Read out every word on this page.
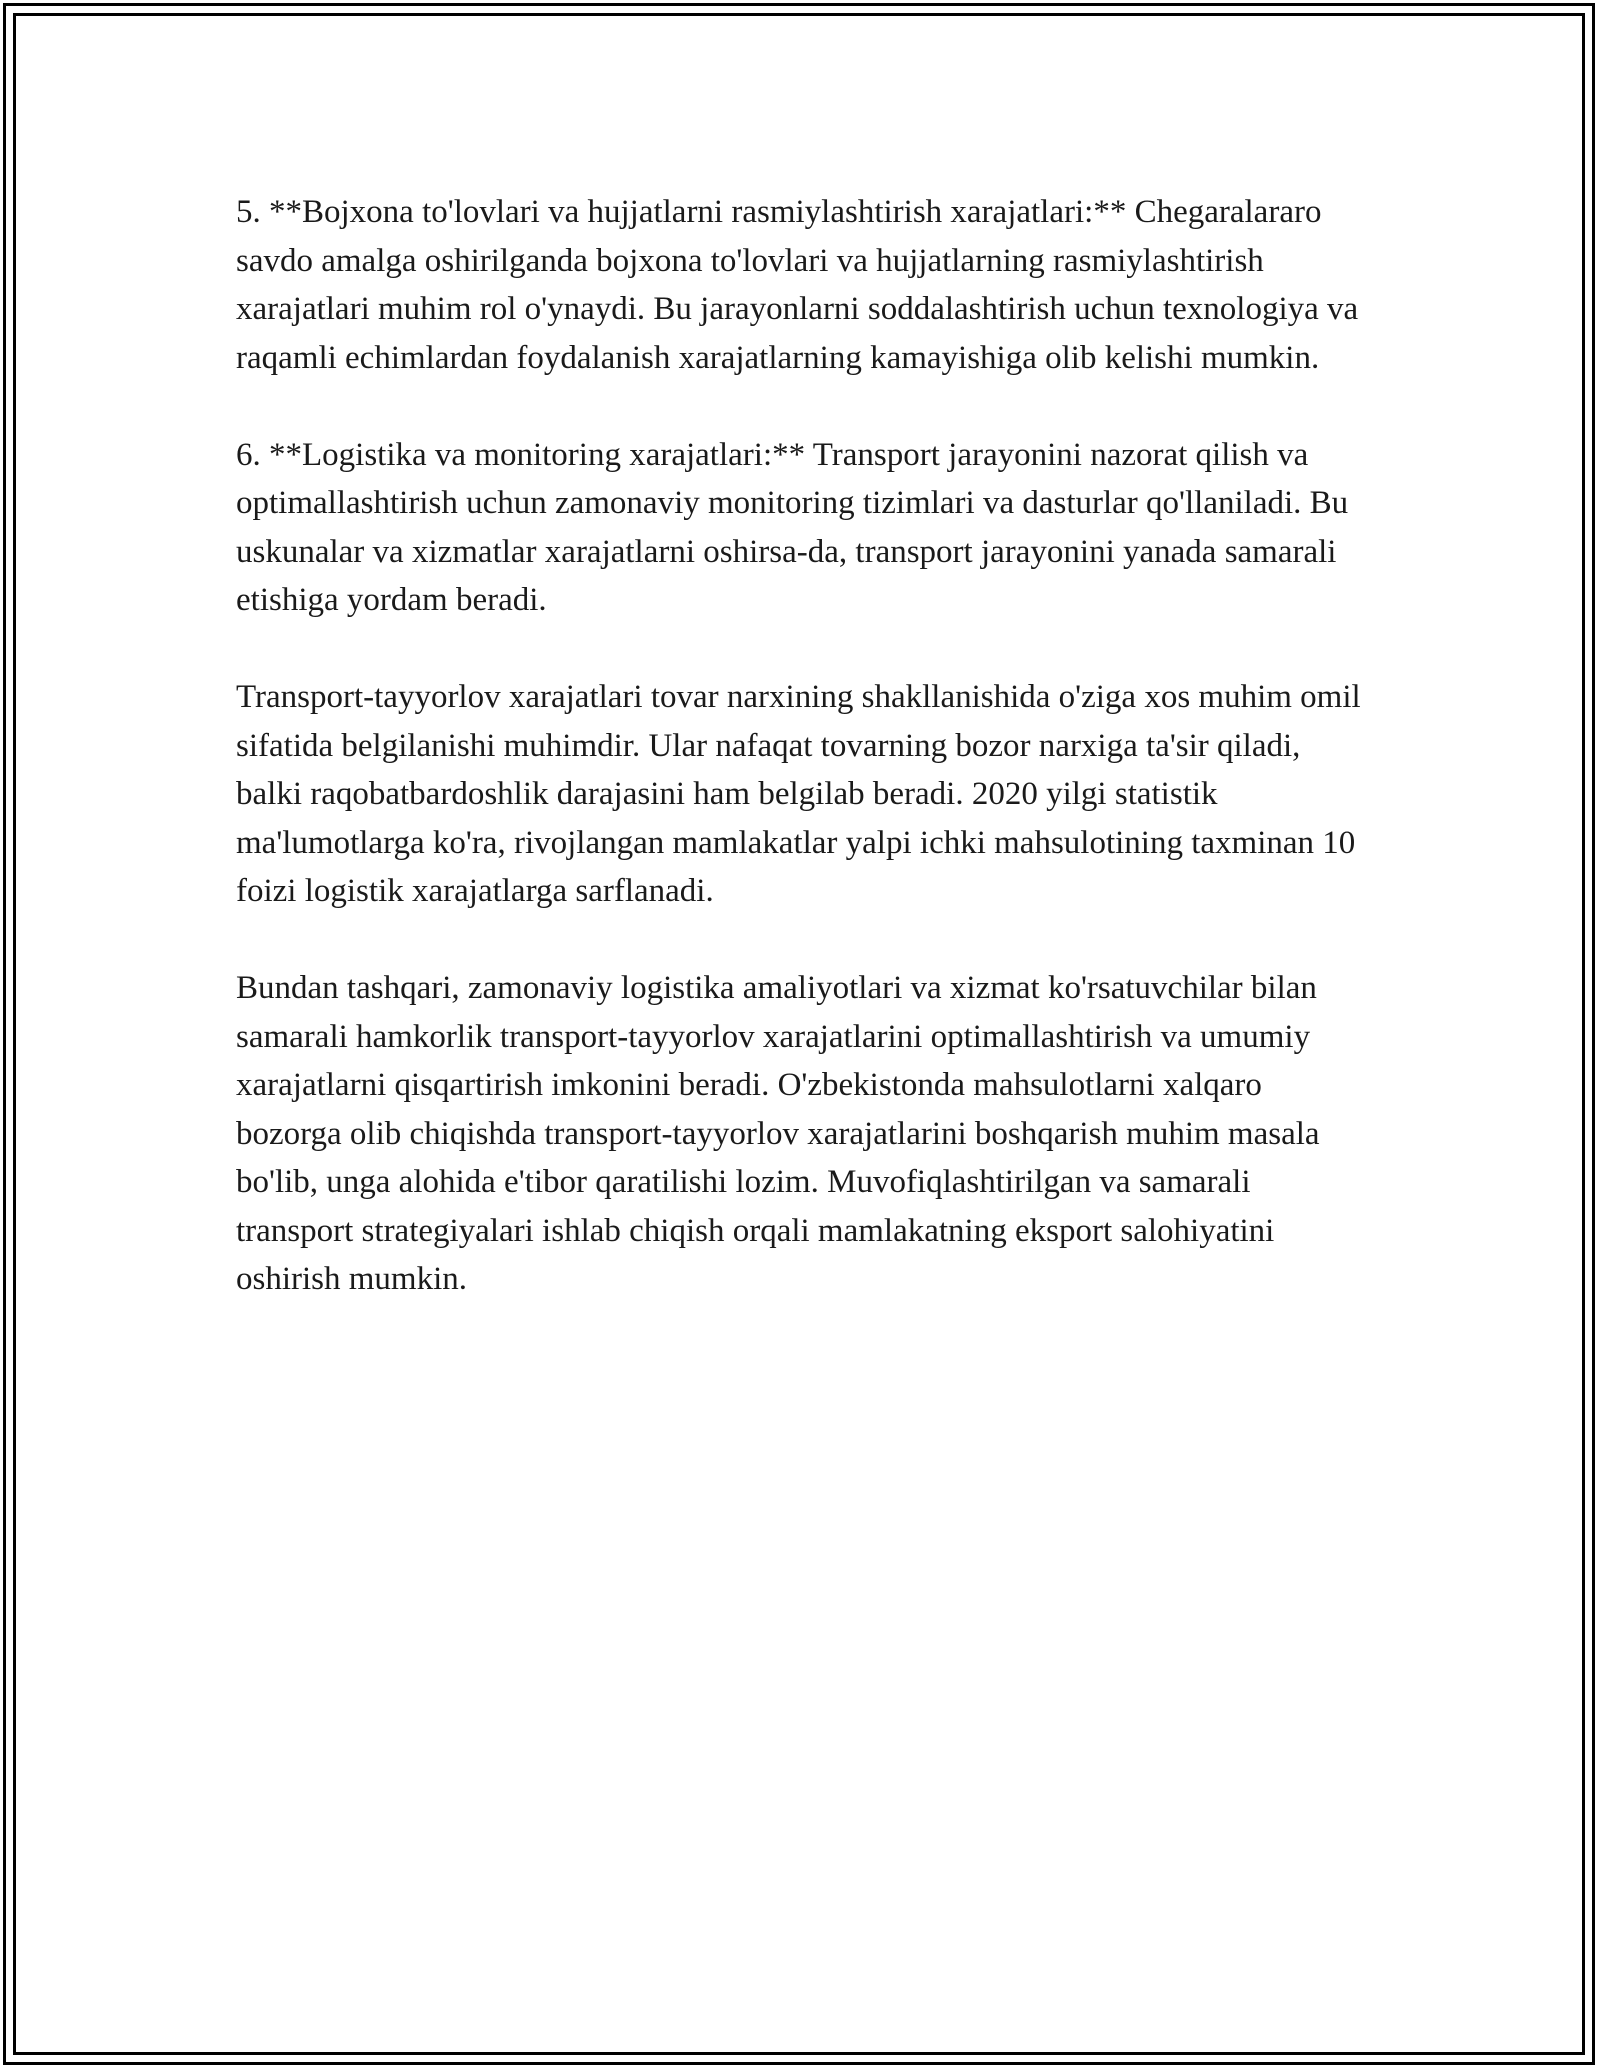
5. **Bojxona to'lovlari va hujjatlarni rasmiylashtirish xarajatlari:** Chegaralararo savdo amalga oshirilganda bojxona to'lovlari va hujjatlarning rasmiylashtirish xarajatlari muhim rol o'ynaydi. Bu jarayonlarni soddalashtirish uchun texnologiya va raqamli echimlardan foydalanish xarajatlarning kamayishiga olib kelishi mumkin.

6. **Logistika va monitoring xarajatlari:** Transport jarayonini nazorat qilish va optimallashtirish uchun zamonaviy monitoring tizimlari va dasturlar qo'llaniladi. Bu uskunalar va xizmatlar xarajatlarni oshirsa-da, transport jarayonini yanada samarali etishiga yordam beradi.

Transport-tayyorlov xarajatlari tovar narxining shakllanishida o'ziga xos muhim omil sifatida belgilanishi muhimdir. Ular nafaqat tovarning bozor narxiga ta'sir qiladi, balki raqobatbardoshlik darajasini ham belgilab beradi. 2020 yilgi statistik ma'lumotlarga ko'ra, rivojlangan mamlakatlar yalpi ichki mahsulotining taxminan 10 foizi logistik xarajatlarga sarflanadi.

Bundan tashqari, zamonaviy logistika amaliyotlari va xizmat ko'rsatuvchilar bilan samarali hamkorlik transport-tayyorlov xarajatlarini optimallashtirish va umumiy xarajatlarni qisqartirish imkonini beradi. O'zbekistonda mahsulotlarni xalqaro bozorga olib chiqishda transport-tayyorlov xarajatlarini boshqarish muhim masala bo'lib, unga alohida e'tibor qaratilishi lozim. Muvofiqlashtirilgan va samarali transport strategiyalari ishlab chiqish orqali mamlakatning eksport salohiyatini oshirish mumkin.
